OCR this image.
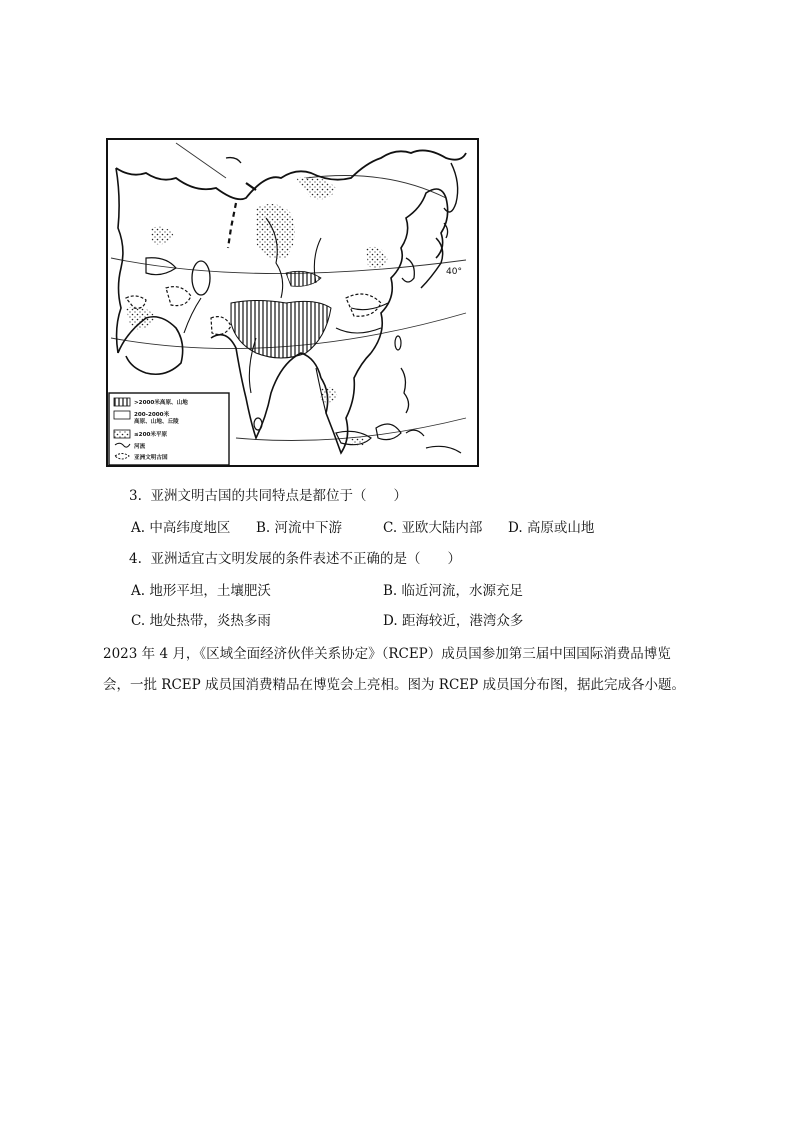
40°
>2000米高原、山地
200-2000米
高原、山地、丘陵
≤200米平原
河流
亚洲文明古国
3. 亚洲文明古国的共同特点是都位于（　　）
A. 中高纬度地区 B. 河流中下游	C. 亚欧大陆内部 D. 高原或山地
4. 亚洲适宜古文明发展的条件表述不正确的是（　　）
A. 地形平坦，土壤肥沃	B. 临近河流，水源充足
C. 地处热带，炎热多雨	D. 距海较近，港湾众多
2023 年 4 月，《区域全面经济伙伴关系协定》（RCEP）成员国参加第三届中国国际消费品博览
会，一批 RCEP 成员国消费精品在博览会上亮相。图为 RCEP 成员国分布图，据此完成各小题。
